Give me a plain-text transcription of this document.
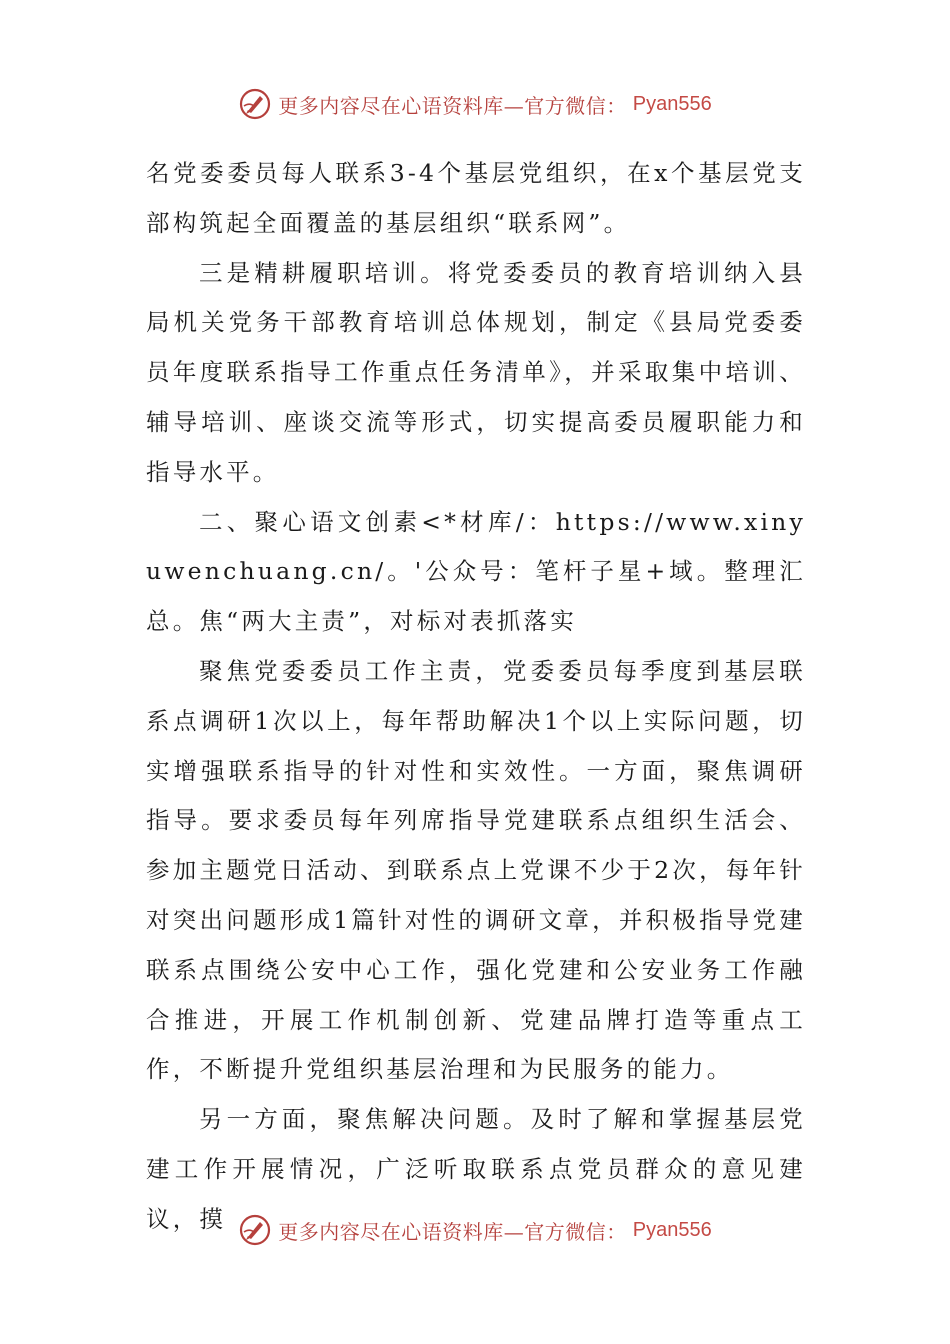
更多内容尽在心语资料库—官方微信： Pyan556

名党委委员每人联系3-4个基层党组织，在x个基层党支部构筑起全面覆盖的基层组织“联系网”。

三是精耕履职培训。将党委委员的教育培训纳入县局机关党务干部教育培训总体规划，制定《县局党委委员年度联系指导工作重点任务清单》，并采取集中培训、辅导培训、座谈交流等形式，切实提高委员履职能力和指导水平。

二、聚心语文创素<*材库/：https://www.xinyuwenchuang.cn/。'公众号：笔杆子星+域。整理汇总。焦“两大主责”，对标对表抓落实

聚焦党委委员工作主责，党委委员每季度到基层联系点调研1次以上，每年帮助解决1个以上实际问题，切实增强联系指导的针对性和实效性。一方面，聚焦调研指导。要求委员每年列席指导党建联系点组织生活会、参加主题党日活动、到联系点上党课不少于2次，每年针对突出问题形成1篇针对性的调研文章，并积极指导党建联系点围绕公安中心工作，强化党建和公安业务工作融合推进，开展工作机制创新、党建品牌打造等重点工作，不断提升党组织基层治理和为民服务的能力。

另一方面，聚焦解决问题。及时了解和掌握基层党建工作开展情况，广泛听取联系点党员群众的意见建议，摸	更多内容尽在心语资料库—官方微信： Pyan556
